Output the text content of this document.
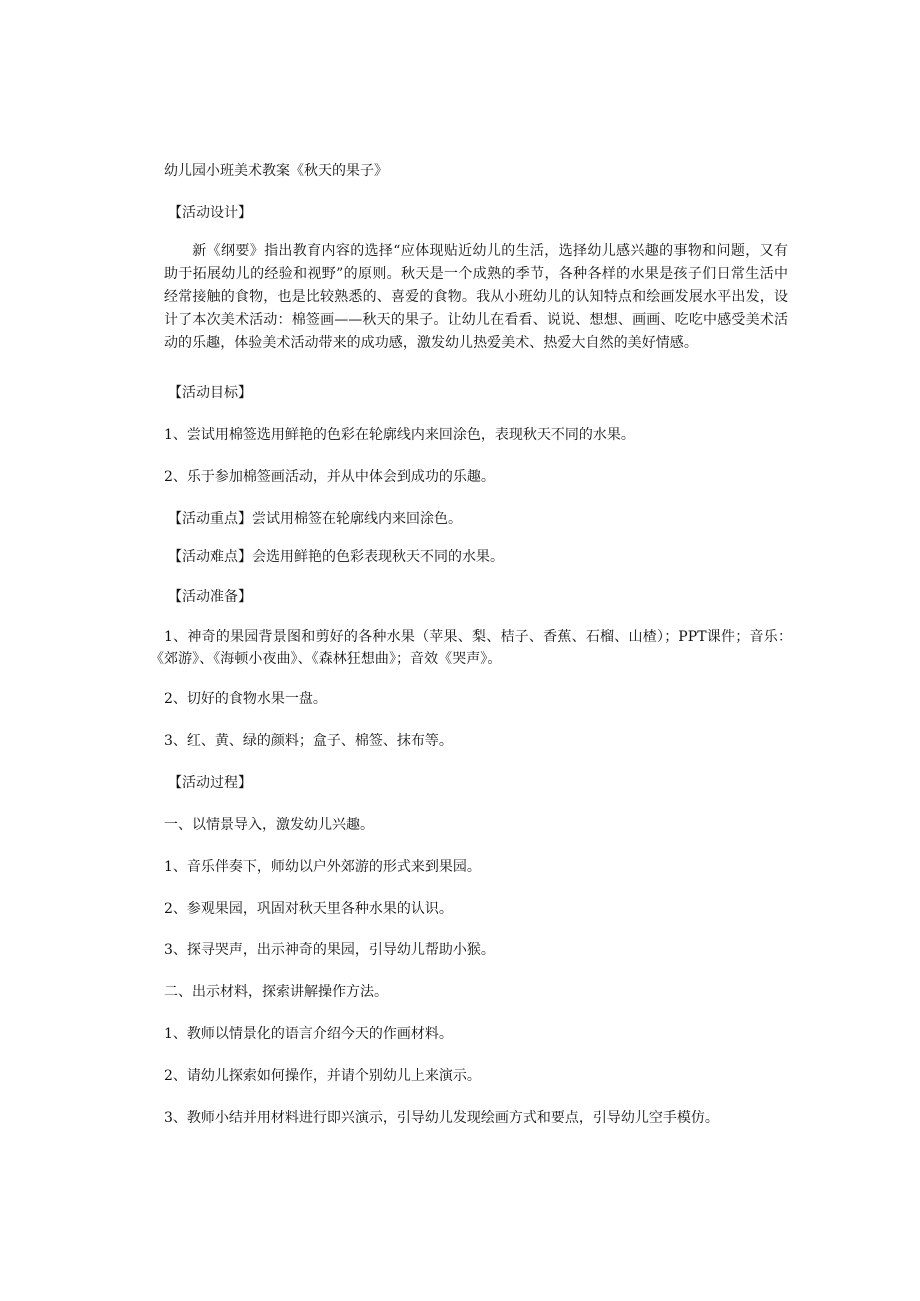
幼儿园小班美术教案《秋天的果子》

【活动设计】

新《纲要》指出教育内容的选择“应体现贴近幼儿的生活，选择幼儿感兴趣的事物和问题，又有助于拓展幼儿的经验和视野”的原则。秋天是一个成熟的季节，各种各样的水果是孩子们日常生活中经常接触的食物，也是比较熟悉的、喜爱的食物。我从小班幼儿的认知特点和绘画发展水平出发，设计了本次美术活动：棉签画——秋天的果子。让幼儿在看看、说说、想想、画画、吃吃中感受美术活动的乐趣，体验美术活动带来的成功感，激发幼儿热爱美术、热爱大自然的美好情感。

【活动目标】

1、尝试用棉签选用鲜艳的色彩在轮廓线内来回涂色，表现秋天不同的水果。

2、乐于参加棉签画活动，并从中体会到成功的乐趣。

【活动重点】尝试用棉签在轮廓线内来回涂色。

【活动难点】会选用鲜艳的色彩表现秋天不同的水果。

【活动准备】

1、神奇的果园背景图和剪好的各种水果（苹果、梨、桔子、香蕉、石榴、山楂）；PPT课件；音乐：《郊游》、《海顿小夜曲》、《森林狂想曲》；音效《哭声》。

2、切好的食物水果一盘。

3、红、黄、绿的颜料；盒子、棉签、抹布等。

【活动过程】

一、以情景导入，激发幼儿兴趣。

1、音乐伴奏下，师幼以户外郊游的形式来到果园。

2、参观果园，巩固对秋天里各种水果的认识。

3、探寻哭声，出示神奇的果园，引导幼儿帮助小猴。

二、出示材料，探索讲解操作方法。

1、教师以情景化的语言介绍今天的作画材料。

2、请幼儿探索如何操作，并请个别幼儿上来演示。

3、教师小结并用材料进行即兴演示，引导幼儿发现绘画方式和要点，引导幼儿空手模仿。
